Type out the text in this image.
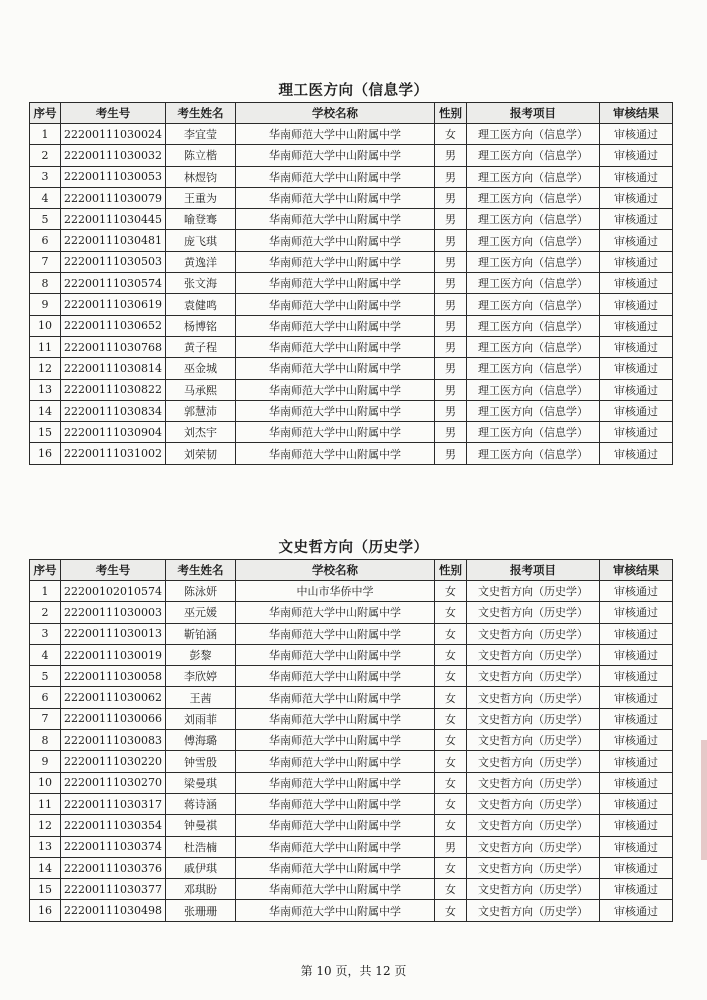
理工医方向（信息学）
序号	考生号	考生姓名	学校名称	性别	报考项目	审核结果
1	22200111030024	李宜莹	华南师范大学中山附属中学	女	理工医方向（信息学）	审核通过
2	22200111030032	陈立楷	华南师范大学中山附属中学	男	理工医方向（信息学）	审核通过
3	22200111030053	林煜钧	华南师范大学中山附属中学	男	理工医方向（信息学）	审核通过
4	22200111030079	王重为	华南师范大学中山附属中学	男	理工医方向（信息学）	审核通过
5	22200111030445	喻登骞	华南师范大学中山附属中学	男	理工医方向（信息学）	审核通过
6	22200111030481	庞飞琪	华南师范大学中山附属中学	男	理工医方向（信息学）	审核通过
7	22200111030503	黄逸洋	华南师范大学中山附属中学	男	理工医方向（信息学）	审核通过
8	22200111030574	张文海	华南师范大学中山附属中学	男	理工医方向（信息学）	审核通过
9	22200111030619	袁健鸣	华南师范大学中山附属中学	男	理工医方向（信息学）	审核通过
10	22200111030652	杨博铭	华南师范大学中山附属中学	男	理工医方向（信息学）	审核通过
11	22200111030768	黄子程	华南师范大学中山附属中学	男	理工医方向（信息学）	审核通过
12	22200111030814	巫金城	华南师范大学中山附属中学	男	理工医方向（信息学）	审核通过
13	22200111030822	马承熙	华南师范大学中山附属中学	男	理工医方向（信息学）	审核通过
14	22200111030834	郭慧沛	华南师范大学中山附属中学	男	理工医方向（信息学）	审核通过
15	22200111030904	刘杰宇	华南师范大学中山附属中学	男	理工医方向（信息学）	审核通过
16	22200111031002	刘荣韧	华南师范大学中山附属中学	男	理工医方向（信息学）	审核通过
文史哲方向（历史学）
序号	考生号	考生姓名	学校名称	性别	报考项目	审核结果
1	22200102010574	陈泳妍	中山市华侨中学	女	文史哲方向（历史学）	审核通过
2	22200111030003	巫元媛	华南师范大学中山附属中学	女	文史哲方向（历史学）	审核通过
3	22200111030013	靳铂涵	华南师范大学中山附属中学	女	文史哲方向（历史学）	审核通过
4	22200111030019	彭黎	华南师范大学中山附属中学	女	文史哲方向（历史学）	审核通过
5	22200111030058	李欣婷	华南师范大学中山附属中学	女	文史哲方向（历史学）	审核通过
6	22200111030062	王茜	华南师范大学中山附属中学	女	文史哲方向（历史学）	审核通过
7	22200111030066	刘雨菲	华南师范大学中山附属中学	女	文史哲方向（历史学）	审核通过
8	22200111030083	傅海璐	华南师范大学中山附属中学	女	文史哲方向（历史学）	审核通过
9	22200111030220	钟雪殷	华南师范大学中山附属中学	女	文史哲方向（历史学）	审核通过
10	22200111030270	梁曼琪	华南师范大学中山附属中学	女	文史哲方向（历史学）	审核通过
11	22200111030317	蒋诗涵	华南师范大学中山附属中学	女	文史哲方向（历史学）	审核通过
12	22200111030354	钟曼祺	华南师范大学中山附属中学	女	文史哲方向（历史学）	审核通过
13	22200111030374	杜浩楠	华南师范大学中山附属中学	男	文史哲方向（历史学）	审核通过
14	22200111030376	戚伊琪	华南师范大学中山附属中学	女	文史哲方向（历史学）	审核通过
15	22200111030377	邓琪盼	华南师范大学中山附属中学	女	文史哲方向（历史学）	审核通过
16	22200111030498	张珊珊	华南师范大学中山附属中学	女	文史哲方向（历史学）	审核通过
第 10 页，共 12 页
